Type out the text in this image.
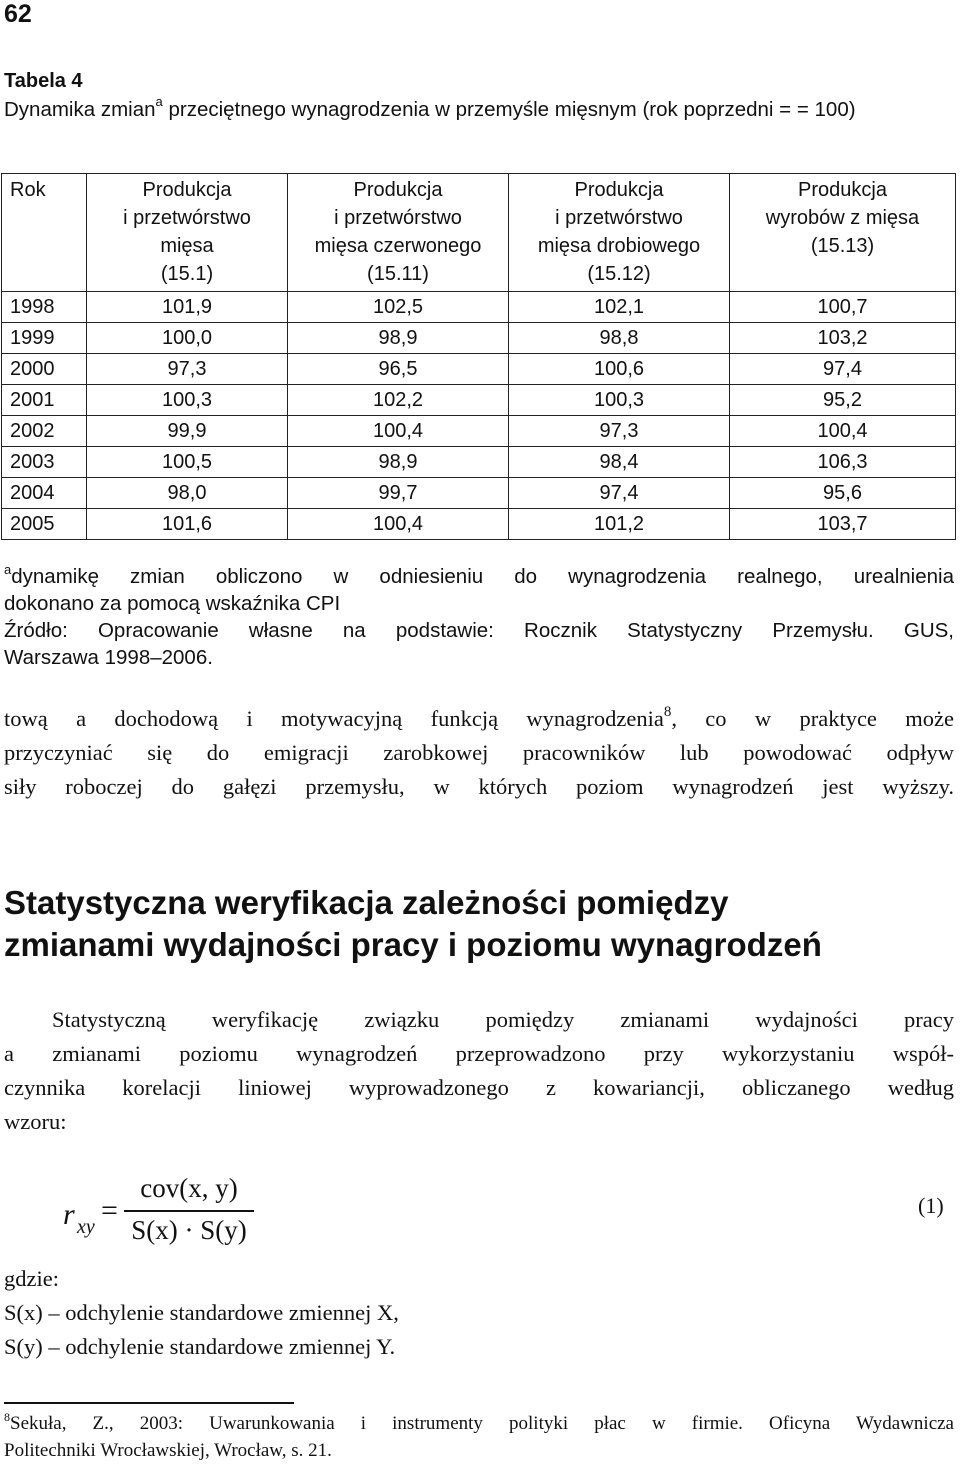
62
Tabela 4
Dynamika zmian$^a$ przeciętnego wynagrodzenia w przemyśle mięsnym (rok poprzedni = = 100)
Rok	Produkcja
i przetwórstwo
mięsa
(15.1)	Produkcja
i przetwórstwo
mięsa czerwonego
(15.11)	Produkcja
i przetwórstwo
mięsa drobiowego
(15.12)	Produkcja
wyrobów z mięsa
(15.13)

1998	101,9	102,5	102,1	100,7
1999	100,0	98,9	98,8	103,2
2000	97,3	96,5	100,6	97,4
2001	100,3	102,2	100,3	95,2
2002	99,9	100,4	97,3	100,4
2003	100,5	98,9	98,4	106,3
2004	98,0	99,7	97,4	95,6
2005	101,6	100,4	101,2	103,7
$^a$dynamikę zmian obliczono w odniesieniu do wynagrodzenia realnego, urealnienia
dokonano za pomocą wskaźnika CPI
Źródło: Opracowanie własne na podstawie: Rocznik Statystyczny Przemysłu. GUS,
Warszawa 1998–2006.
tową a dochodową i motywacyjną funkcją wynagrodzenia$^8$, co w praktyce może
przyczyniać się do emigracji zarobkowej pracowników lub powodować odpływ
siły roboczej do gałęzi przemysłu, w których poziom wynagrodzeń jest wyższy.
Statystyczna weryfikacja zależności pomiędzy
zmianami wydajności pracy i poziomu wynagrodzeń
Statystyczną weryfikację związku pomiędzy zmianami wydajności pracy
a zmianami poziomu wynagrodzeń przeprowadzono przy wykorzystaniu współ-
czynnika korelacji liniowej wyprowadzonego z kowariancji, obliczanego według
wzoru:
r xy =
cov(x, y)
S(x) · S(y)
(1)
gdzie:
S(x) – odchylenie standardowe zmiennej X,
S(y) – odchylenie standardowe zmiennej Y.
$^8$Sekuła, Z., 2003: Uwarunkowania i instrumenty polityki płac w firmie. Oficyna Wydawnicza
Politechniki Wrocławskiej, Wrocław, s. 21.
